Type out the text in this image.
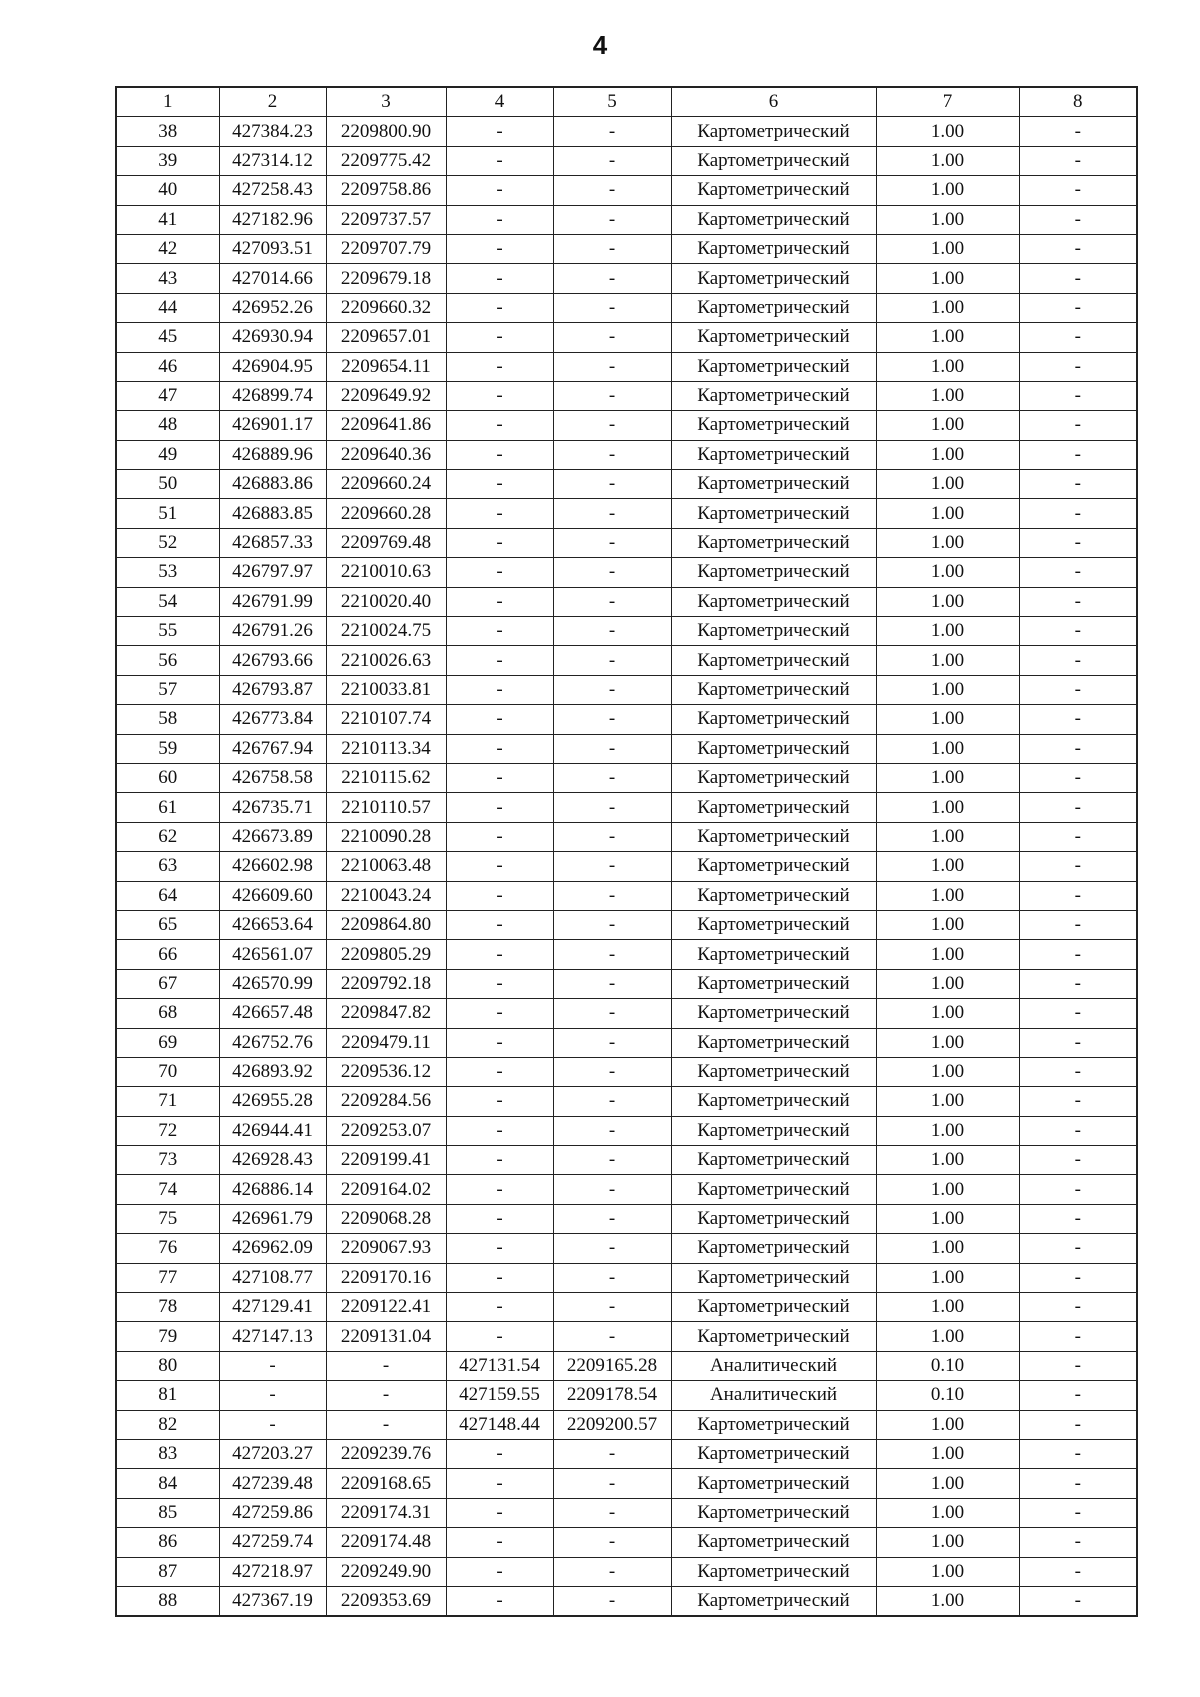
4
1	2	3	4	5	6	7	8
38	427384.23	2209800.90	-	-	Картометрический	1.00	-
39	427314.12	2209775.42	-	-	Картометрический	1.00	-
40	427258.43	2209758.86	-	-	Картометрический	1.00	-
41	427182.96	2209737.57	-	-	Картометрический	1.00	-
42	427093.51	2209707.79	-	-	Картометрический	1.00	-
43	427014.66	2209679.18	-	-	Картометрический	1.00	-
44	426952.26	2209660.32	-	-	Картометрический	1.00	-
45	426930.94	2209657.01	-	-	Картометрический	1.00	-
46	426904.95	2209654.11	-	-	Картометрический	1.00	-
47	426899.74	2209649.92	-	-	Картометрический	1.00	-
48	426901.17	2209641.86	-	-	Картометрический	1.00	-
49	426889.96	2209640.36	-	-	Картометрический	1.00	-
50	426883.86	2209660.24	-	-	Картометрический	1.00	-
51	426883.85	2209660.28	-	-	Картометрический	1.00	-
52	426857.33	2209769.48	-	-	Картометрический	1.00	-
53	426797.97	2210010.63	-	-	Картометрический	1.00	-
54	426791.99	2210020.40	-	-	Картометрический	1.00	-
55	426791.26	2210024.75	-	-	Картометрический	1.00	-
56	426793.66	2210026.63	-	-	Картометрический	1.00	-
57	426793.87	2210033.81	-	-	Картометрический	1.00	-
58	426773.84	2210107.74	-	-	Картометрический	1.00	-
59	426767.94	2210113.34	-	-	Картометрический	1.00	-
60	426758.58	2210115.62	-	-	Картометрический	1.00	-
61	426735.71	2210110.57	-	-	Картометрический	1.00	-
62	426673.89	2210090.28	-	-	Картометрический	1.00	-
63	426602.98	2210063.48	-	-	Картометрический	1.00	-
64	426609.60	2210043.24	-	-	Картометрический	1.00	-
65	426653.64	2209864.80	-	-	Картометрический	1.00	-
66	426561.07	2209805.29	-	-	Картометрический	1.00	-
67	426570.99	2209792.18	-	-	Картометрический	1.00	-
68	426657.48	2209847.82	-	-	Картометрический	1.00	-
69	426752.76	2209479.11	-	-	Картометрический	1.00	-
70	426893.92	2209536.12	-	-	Картометрический	1.00	-
71	426955.28	2209284.56	-	-	Картометрический	1.00	-
72	426944.41	2209253.07	-	-	Картометрический	1.00	-
73	426928.43	2209199.41	-	-	Картометрический	1.00	-
74	426886.14	2209164.02	-	-	Картометрический	1.00	-
75	426961.79	2209068.28	-	-	Картометрический	1.00	-
76	426962.09	2209067.93	-	-	Картометрический	1.00	-
77	427108.77	2209170.16	-	-	Картометрический	1.00	-
78	427129.41	2209122.41	-	-	Картометрический	1.00	-
79	427147.13	2209131.04	-	-	Картометрический	1.00	-
80	-	-	427131.54	2209165.28	Аналитический	0.10	-
81	-	-	427159.55	2209178.54	Аналитический	0.10	-
82	-	-	427148.44	2209200.57	Картометрический	1.00	-
83	427203.27	2209239.76	-	-	Картометрический	1.00	-
84	427239.48	2209168.65	-	-	Картометрический	1.00	-
85	427259.86	2209174.31	-	-	Картометрический	1.00	-
86	427259.74	2209174.48	-	-	Картометрический	1.00	-
87	427218.97	2209249.90	-	-	Картометрический	1.00	-
88	427367.19	2209353.69	-	-	Картометрический	1.00	-
